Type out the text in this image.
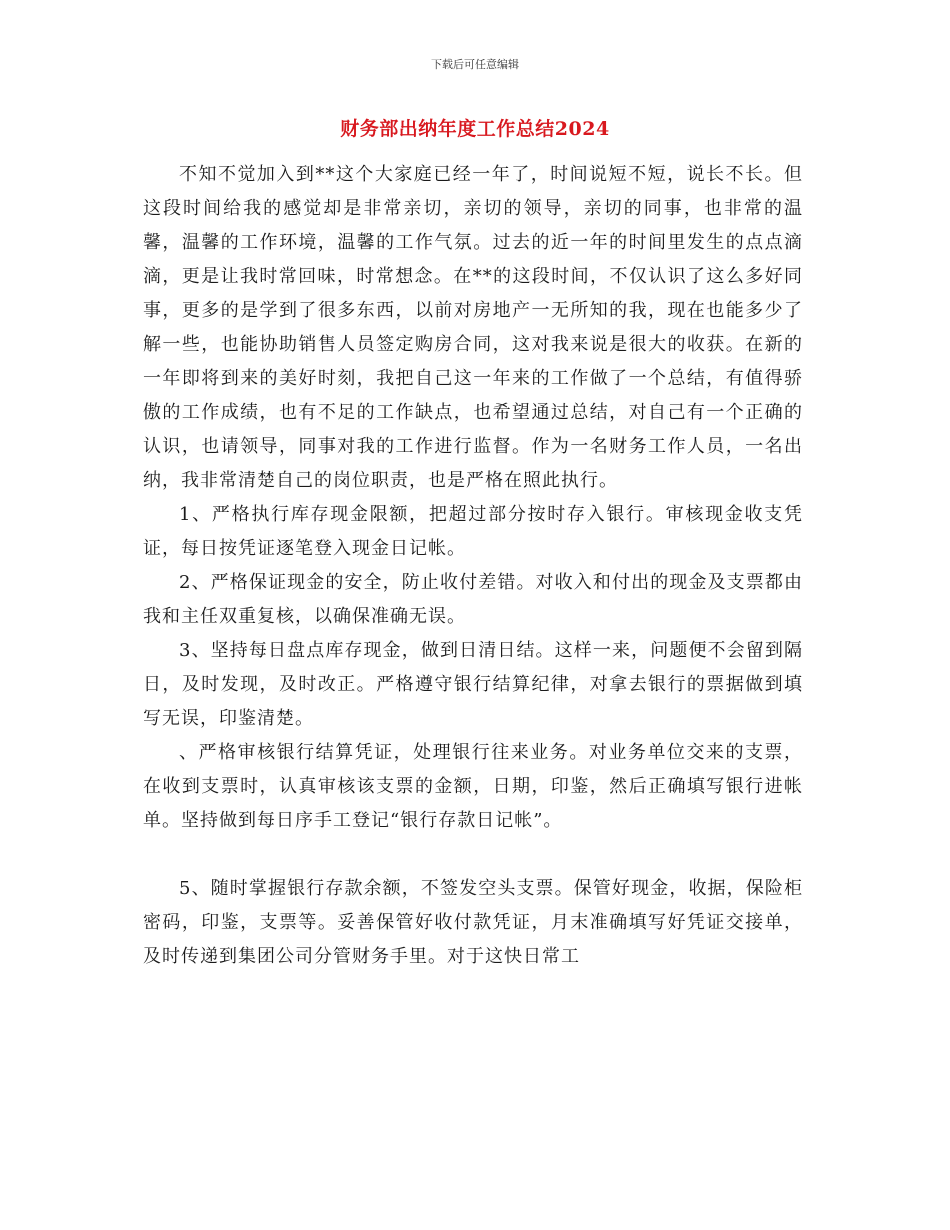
下载后可任意编辑
财务部出纳年度工作总结2024

不知不觉加入到**这个大家庭已经一年了，时间说短不短，说长不长。但这段时间给我的感觉却是非常亲切，亲切的领导，亲切的同事，也非常的温馨，温馨的工作环境，温馨的工作气氛。过去的近一年的时间里发生的点点滴滴，更是让我时常回味，时常想念。在**的这段时间，不仅认识了这么多好同事，更多的是学到了很多东西，以前对房地产一无所知的我，现在也能多少了解一些，也能协助销售人员签定购房合同，这对我来说是很大的收获。在新的一年即将到来的美好时刻，我把自己这一年来的工作做了一个总结，有值得骄傲的工作成绩，也有不足的工作缺点，也希望通过总结，对自己有一个正确的认识，也请领导，同事对我的工作进行监督。作为一名财务工作人员，一名出纳，我非常清楚自己的岗位职责，也是严格在照此执行。

1、严格执行库存现金限额，把超过部分按时存入银行。审核现金收支凭证，每日按凭证逐笔登入现金日记帐。

2、严格保证现金的安全，防止收付差错。对收入和付出的现金及支票都由我和主任双重复核，以确保准确无误。

3、坚持每日盘点库存现金，做到日清日结。这样一来，问题便不会留到隔日，及时发现，及时改正。严格遵守银行结算纪律，对拿去银行的票据做到填写无误，印鉴清楚。

、严格审核银行结算凭证，处理银行往来业务。对业务单位交来的支票，在收到支票时，认真审核该支票的金额，日期，印鉴，然后正确填写银行进帐单。坚持做到每日序手工登记“银行存款日记帐”。

5、随时掌握银行存款余额，不签发空头支票。保管好现金，收据，保险柜密码，印鉴，支票等。妥善保管好收付款凭证，月末准确填写好凭证交接单，及时传递到集团公司分管财务手里。对于这快日常工
